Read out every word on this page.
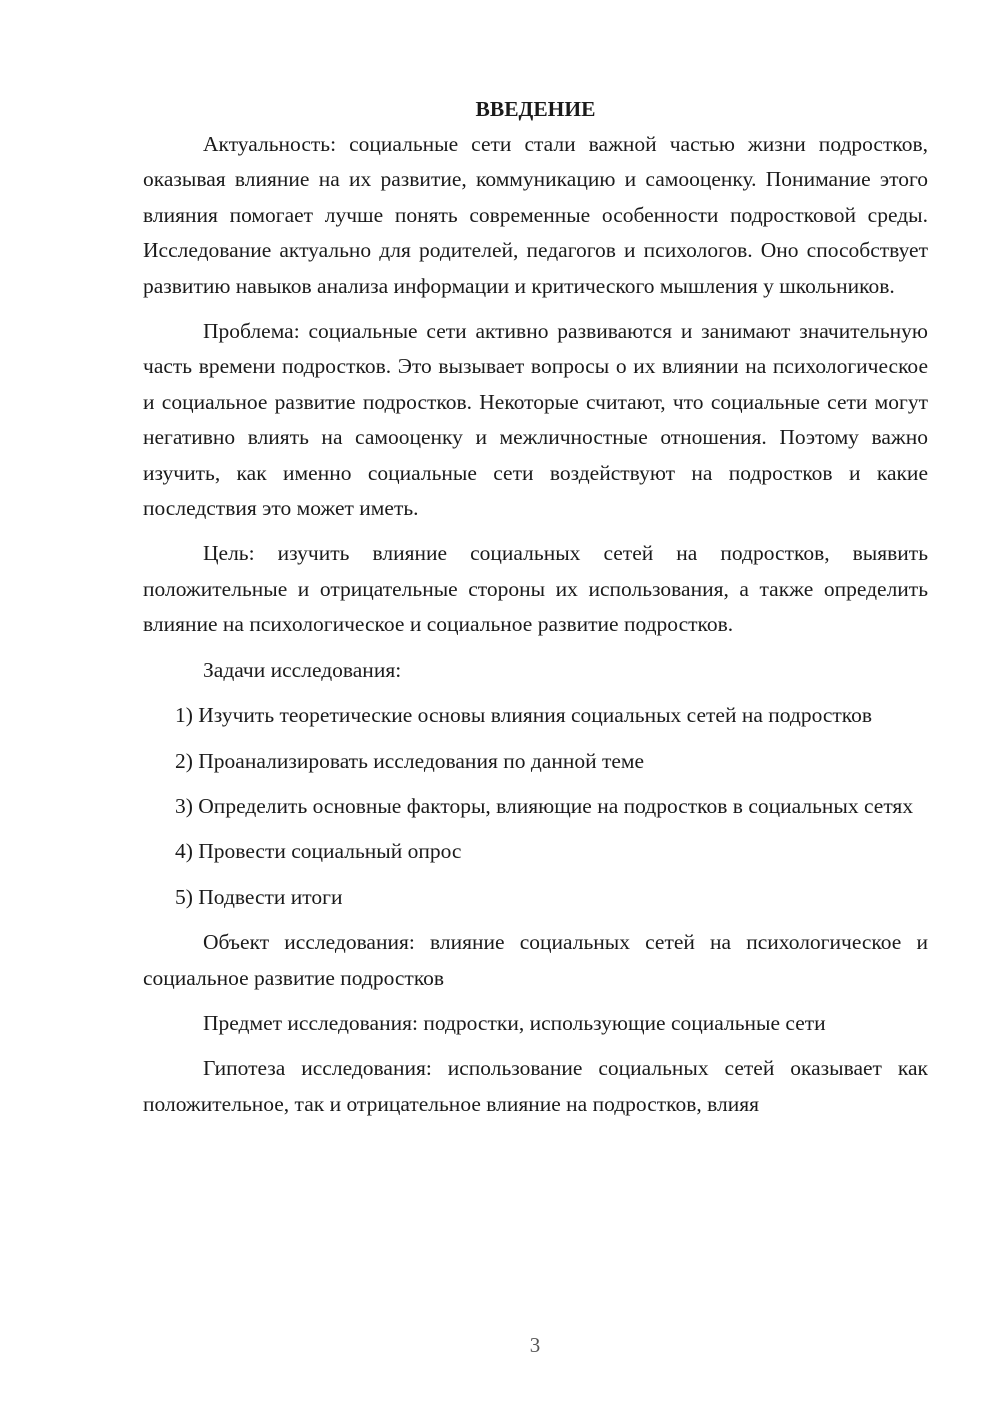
ВВЕДЕНИЕ

Актуальность: социальные сети стали важной частью жизни подростков, оказывая влияние на их развитие, коммуникацию и самооценку. Понимание этого влияния помогает лучше понять современные особенности подростковой среды. Исследование актуально для родителей, педагогов и психологов. Оно способствует развитию навыков анализа информации и критического мышления у школьников.

Проблема: социальные сети активно развиваются и занимают значительную часть времени подростков. Это вызывает вопросы о их влиянии на психологическое и социальное развитие подростков. Некоторые считают, что социальные сети могут негативно влиять на самооценку и межличностные отношения. Поэтому важно изучить, как именно социальные сети воздействуют на подростков и какие последствия это может иметь.

Цель: изучить влияние социальных сетей на подростков, выявить положительные и отрицательные стороны их использования, а также определить влияние на психологическое и социальное развитие подростков.

Задачи исследования:

1) Изучить теоретические основы влияния социальных сетей на подростков

2) Проанализировать исследования по данной теме

3) Определить основные факторы, влияющие на подростков в социальных сетях

4) Провести социальный опрос

5) Подвести итоги

Объект исследования: влияние социальных сетей на психологическое и социальное развитие подростков

Предмет исследования: подростки, использующие социальные сети

Гипотеза исследования: использование социальных сетей оказывает как положительное, так и отрицательное влияние на подростков, влияя

3
